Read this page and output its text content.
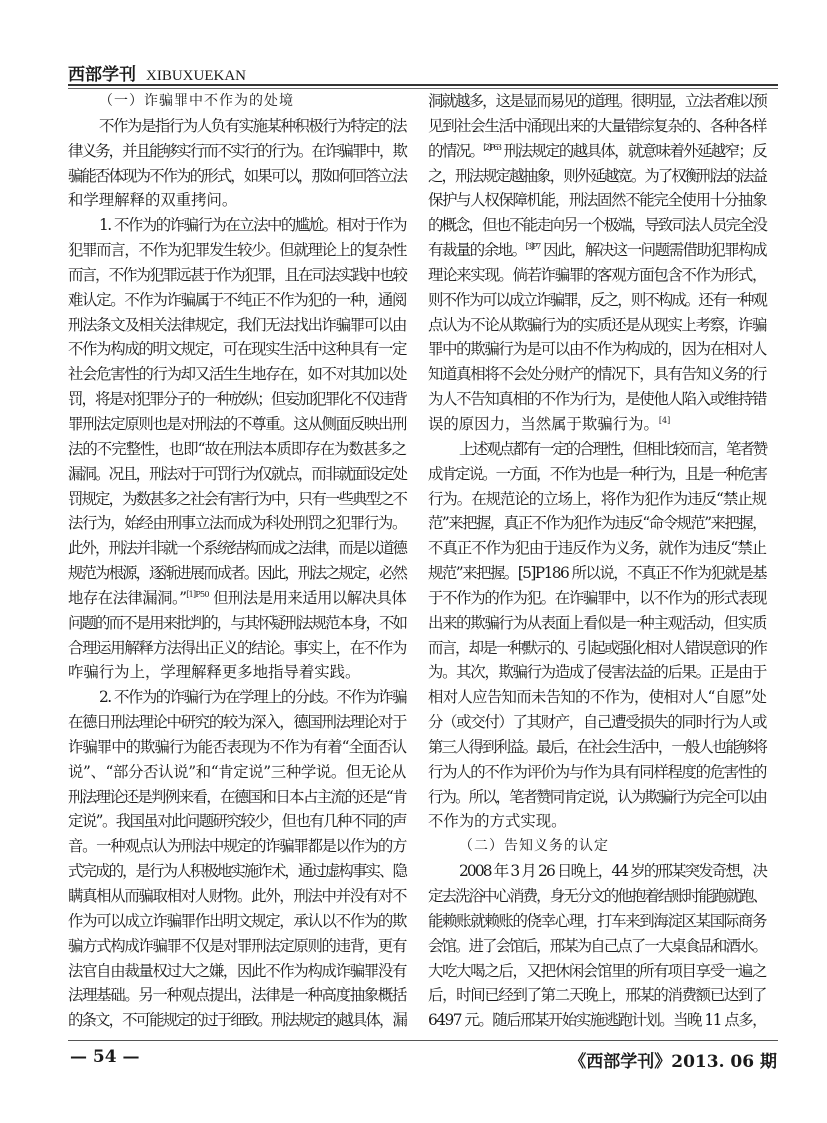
西部学刊 XIBUXUEKAN
（一）诈骗罪中不作为的处境
不作为是指行为人负有实施某种积极行为特定的法
律义务，并且能够实行而不实行的行为。在诈骗罪中，欺
骗能否体现为不作为的形式，如果可以，那如何回答立法
和学理解释的双重拷问。
1. 不作为的诈骗行为在立法中的尴尬。相对于作为
犯罪而言，不作为犯罪发生较少。但就理论上的复杂性
而言，不作为犯罪远甚于作为犯罪，且在司法实践中也较
难认定。不作为诈骗属于不纯正不作为犯的一种，通阅
刑法条文及相关法律规定，我们无法找出诈骗罪可以由
不作为构成的明文规定，可在现实生活中这种具有一定
社会危害性的行为却又活生生地存在，如不对其加以处
罚，将是对犯罪分子的一种放纵；但妄加犯罪化不仅违背
罪刑法定原则也是对刑法的不尊重。这从侧面反映出刑
法的不完整性，也即“故在刑法本质即存在为数甚多之
漏洞。况且，刑法对于可罚行为仅就点，而非就面设定处
罚规定，为数甚多之社会有害行为中，只有一些典型之不
法行为，始经由刑事立法而成为科处刑罚之犯罪行为。
此外，刑法并非就一个系统结构而成之法律，而是以道德
规范为根源，逐渐进展而成者。因此，刑法之规定，必然
地存在法律漏洞。”$^{[1]P50}$ 但刑法是用来适用以解决具体
问题的而不是用来批判的，与其怀疑刑法规范本身，不如
合理运用解释方法得出正义的结论。事实上，在不作为
咋骗行为上，学理解释更多地指导着实践。
2. 不作为的诈骗行为在学理上的分歧。不作为诈骗
在德日刑法理论中研究的较为深入，德国刑法理论对于
诈骗罪中的欺骗行为能否表现为不作为有着“全面否认
说”、“部分否认说”和“肯定说”三种学说。但无论从
刑法理论还是判例来看，在德国和日本占主流的还是“肯
定说”。我国虽对此问题研究较少，但也有几种不同的声
音。一种观点认为刑法中规定的诈骗罪都是以作为的方
式完成的，是行为人积极地实施诈术，通过虚构事实、隐
瞒真相从而骗取相对人财物。此外，刑法中并没有对不
作为可以成立诈骗罪作出明文规定，承认以不作为的欺
骗方式构成诈骗罪不仅是对罪刑法定原则的违背，更有
法官自由裁量权过大之嫌，因此不作为构成诈骗罪没有
法理基础。另一种观点提出，法律是一种高度抽象概括
的条文，不可能规定的过于细致。刑法规定的越具体，漏
洞就越多，这是显而易见的道理。很明显，立法者难以预
见到社会生活中涌现出来的大量错综复杂的、各种各样
的情况。$^{[2]P63}$ 刑法规定的越具体，就意味着外延越窄；反
之，刑法规定越抽象，则外延越宽。为了权衡刑法的法益
保护与人权保障机能，刑法固然不能完全使用十分抽象
的概念，但也不能走向另一个极端，导致司法人员完全没
有裁量的余地。$^{[3]P7}$ 因此，解决这一问题需借助犯罪构成
理论来实现。倘若诈骗罪的客观方面包含不作为形式，
则不作为可以成立诈骗罪，反之，则不构成。还有一种观
点认为不论从欺骗行为的实质还是从现实上考察，诈骗
罪中的欺骗行为是可以由不作为构成的，因为在相对人
知道真相将不会处分财产的情况下，具有告知义务的行
为人不告知真相的不作为行为，是使他人陷入或维持错
误的原因力，当然属于欺骗行为。[4]
上述观点都有一定的合理性，但相比较而言，笔者赞
成肯定说。一方面，不作为也是一种行为，且是一种危害
行为。在规范论的立场上，将作为犯作为违反“禁止规
范”来把握，真正不作为犯作为违反“命令规范”来把握，
不真正不作为犯由于违反作为义务，就作为违反“禁止
规范”来把握。[5]P186 所以说，不真正不作为犯就是基
于不作为的作为犯。在诈骗罪中，以不作为的形式表现
出来的欺骗行为从表面上看似是一种主观活动，但实质
而言，却是一种默示的、引起或强化相对人错误意识的作
为。其次，欺骗行为造成了侵害法益的后果。正是由于
相对人应告知而未告知的不作为，使相对人“自愿”处
分（或交付）了其财产，自己遭受损失的同时行为人或
第三人得到利益。最后，在社会生活中，一般人也能够将
行为人的不作为评价为与作为具有同样程度的危害性的
行为。所以，笔者赞同肯定说，认为欺骗行为完全可以由
不作为的方式实现。
（二）告知义务的认定
2008 年 3 月 26 日晚上，44 岁的邢某突发奇想，决
定去洗浴中心消费，身无分文的他抱着结账时能跑就跑、
能赖账就赖账的侥幸心理，打车来到海淀区某国际商务
会馆。进了会馆后，邢某为自己点了一大桌食品和酒水。
大吃大喝之后，又把休闲会馆里的所有项目享受一遍之
后，时间已经到了第二天晚上，邢某的消费额已达到了
6497 元。随后邢某开始实施逃跑计划。当晚 11 点多，
— 54 —	《西部学刊》2013. 06 期
